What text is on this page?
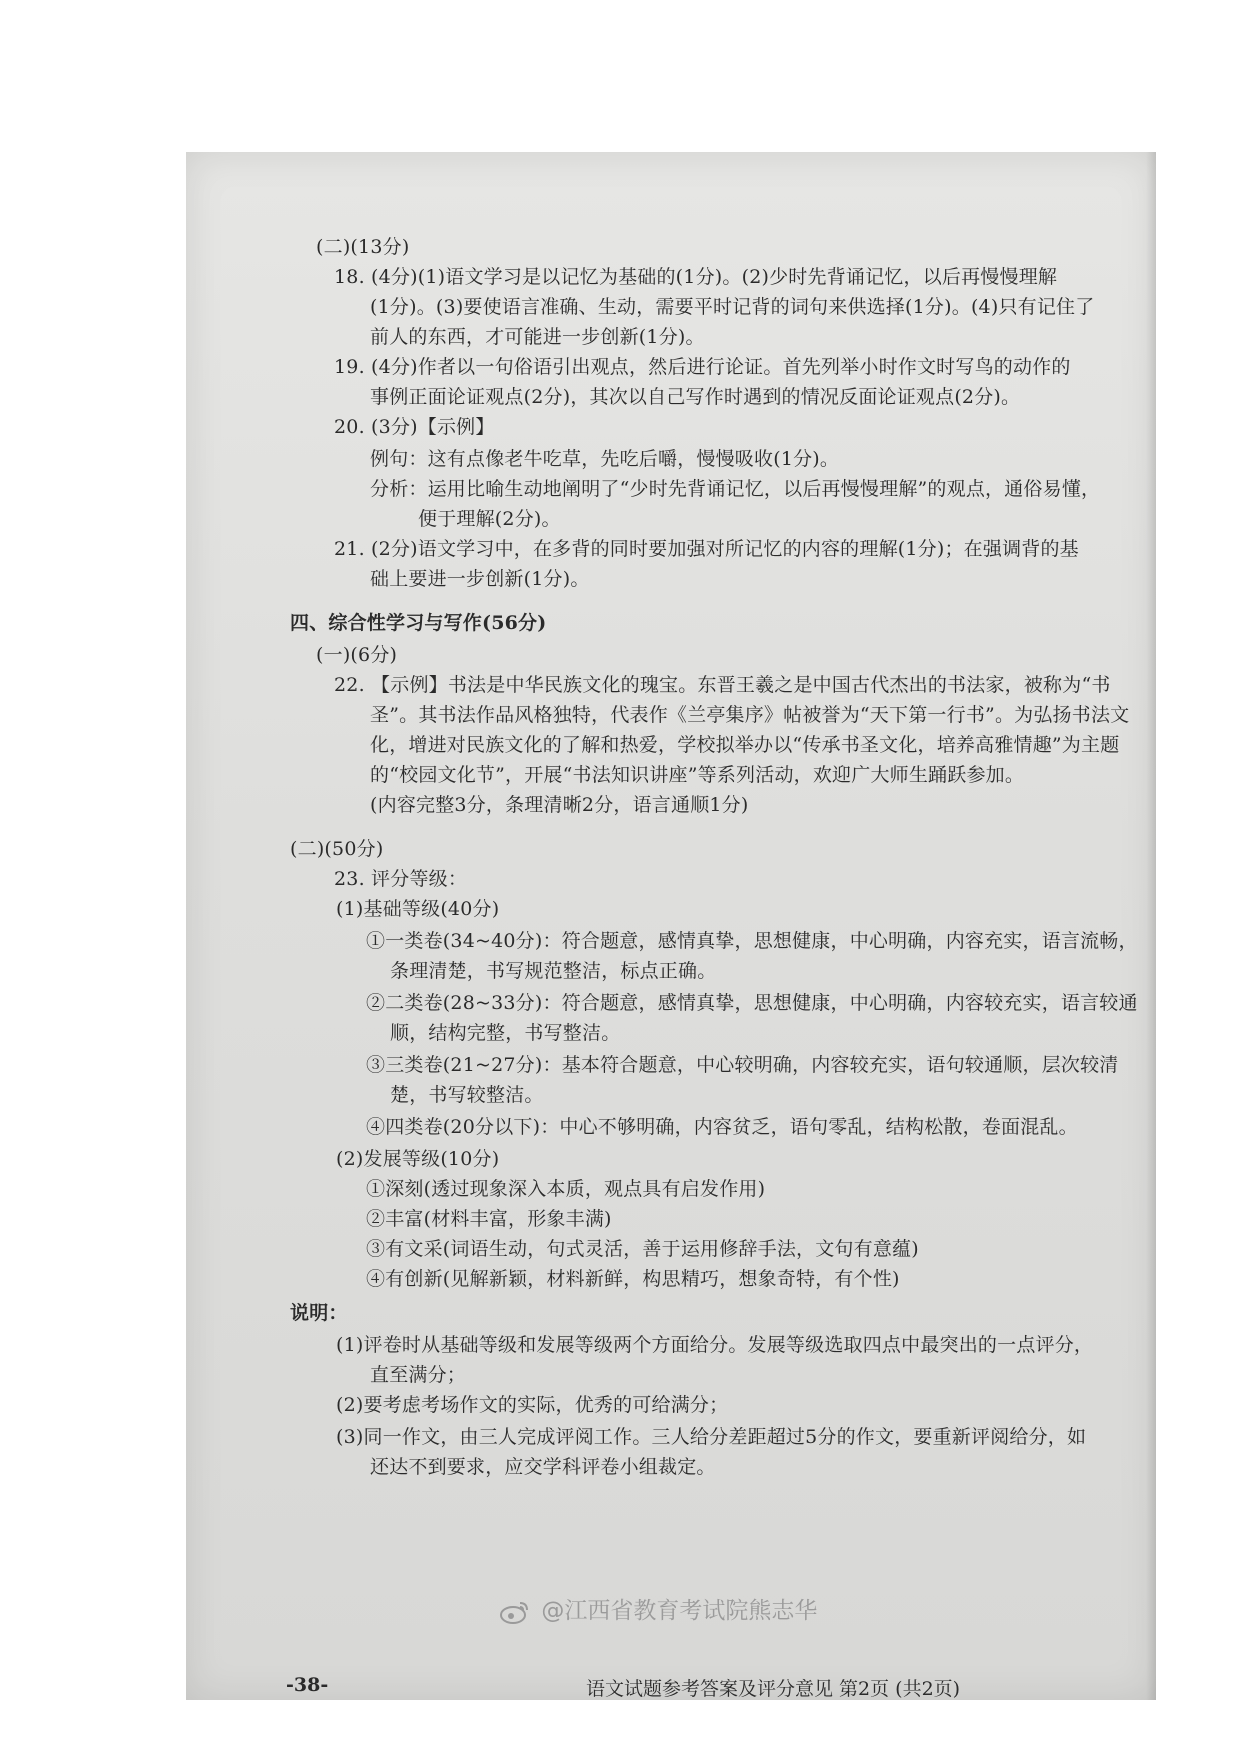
(二)(13分)
18. (4分)(1)语文学习是以记忆为基础的(1分)。(2)少时先背诵记忆，以后再慢慢理解
(1分)。(3)要使语言准确、生动，需要平时记背的词句来供选择(1分)。(4)只有记住了
前人的东西，才可能进一步创新(1分)。
19. (4分)作者以一句俗语引出观点，然后进行论证。首先列举小时作文时写鸟的动作的
事例正面论证观点(2分)，其次以自己写作时遇到的情况反面论证观点(2分)。
20. (3分)【示例】
例句：这有点像老牛吃草，先吃后嚼，慢慢吸收(1分)。
分析：运用比喻生动地阐明了“少时先背诵记忆，以后再慢慢理解”的观点，通俗易懂，
便于理解(2分)。
21. (2分)语文学习中，在多背的同时要加强对所记忆的内容的理解(1分)；在强调背的基
础上要进一步创新(1分)。
四、综合性学习与写作(56分)
(一)(6分)
22. 【示例】书法是中华民族文化的瑰宝。东晋王羲之是中国古代杰出的书法家，被称为“书
圣”。其书法作品风格独特，代表作《兰亭集序》帖被誉为“天下第一行书”。为弘扬书法文
化，增进对民族文化的了解和热爱，学校拟举办以“传承书圣文化，培养高雅情趣”为主题
的“校园文化节”，开展“书法知识讲座”等系列活动，欢迎广大师生踊跃参加。
(内容完整3分，条理清晰2分，语言通顺1分)
(二)(50分)
23. 评分等级：
(1)基础等级(40分)
①一类卷(34~40分)：符合题意，感情真挚，思想健康，中心明确，内容充实，语言流畅，
条理清楚，书写规范整洁，标点正确。
②二类卷(28~33分)：符合题意，感情真挚，思想健康，中心明确，内容较充实，语言较通
顺，结构完整，书写整洁。
③三类卷(21~27分)：基本符合题意，中心较明确，内容较充实，语句较通顺，层次较清
楚，书写较整洁。
④四类卷(20分以下)：中心不够明确，内容贫乏，语句零乱，结构松散，卷面混乱。
(2)发展等级(10分)
①深刻(透过现象深入本质，观点具有启发作用)
②丰富(材料丰富，形象丰满)
③有文采(词语生动，句式灵活，善于运用修辞手法，文句有意蕴)
④有创新(见解新颖，材料新鲜，构思精巧，想象奇特，有个性)
说明：
(1)评卷时从基础等级和发展等级两个方面给分。发展等级选取四点中最突出的一点评分，
直至满分；
(2)要考虑考场作文的实际，优秀的可给满分；
(3)同一作文，由三人完成评阅工作。三人给分差距超过5分的作文，要重新评阅给分，如
还达不到要求，应交学科评卷小组裁定。
-38-	语文试题参考答案及评分意见 第2页 (共2页)
@江西省教育考试院熊志华
